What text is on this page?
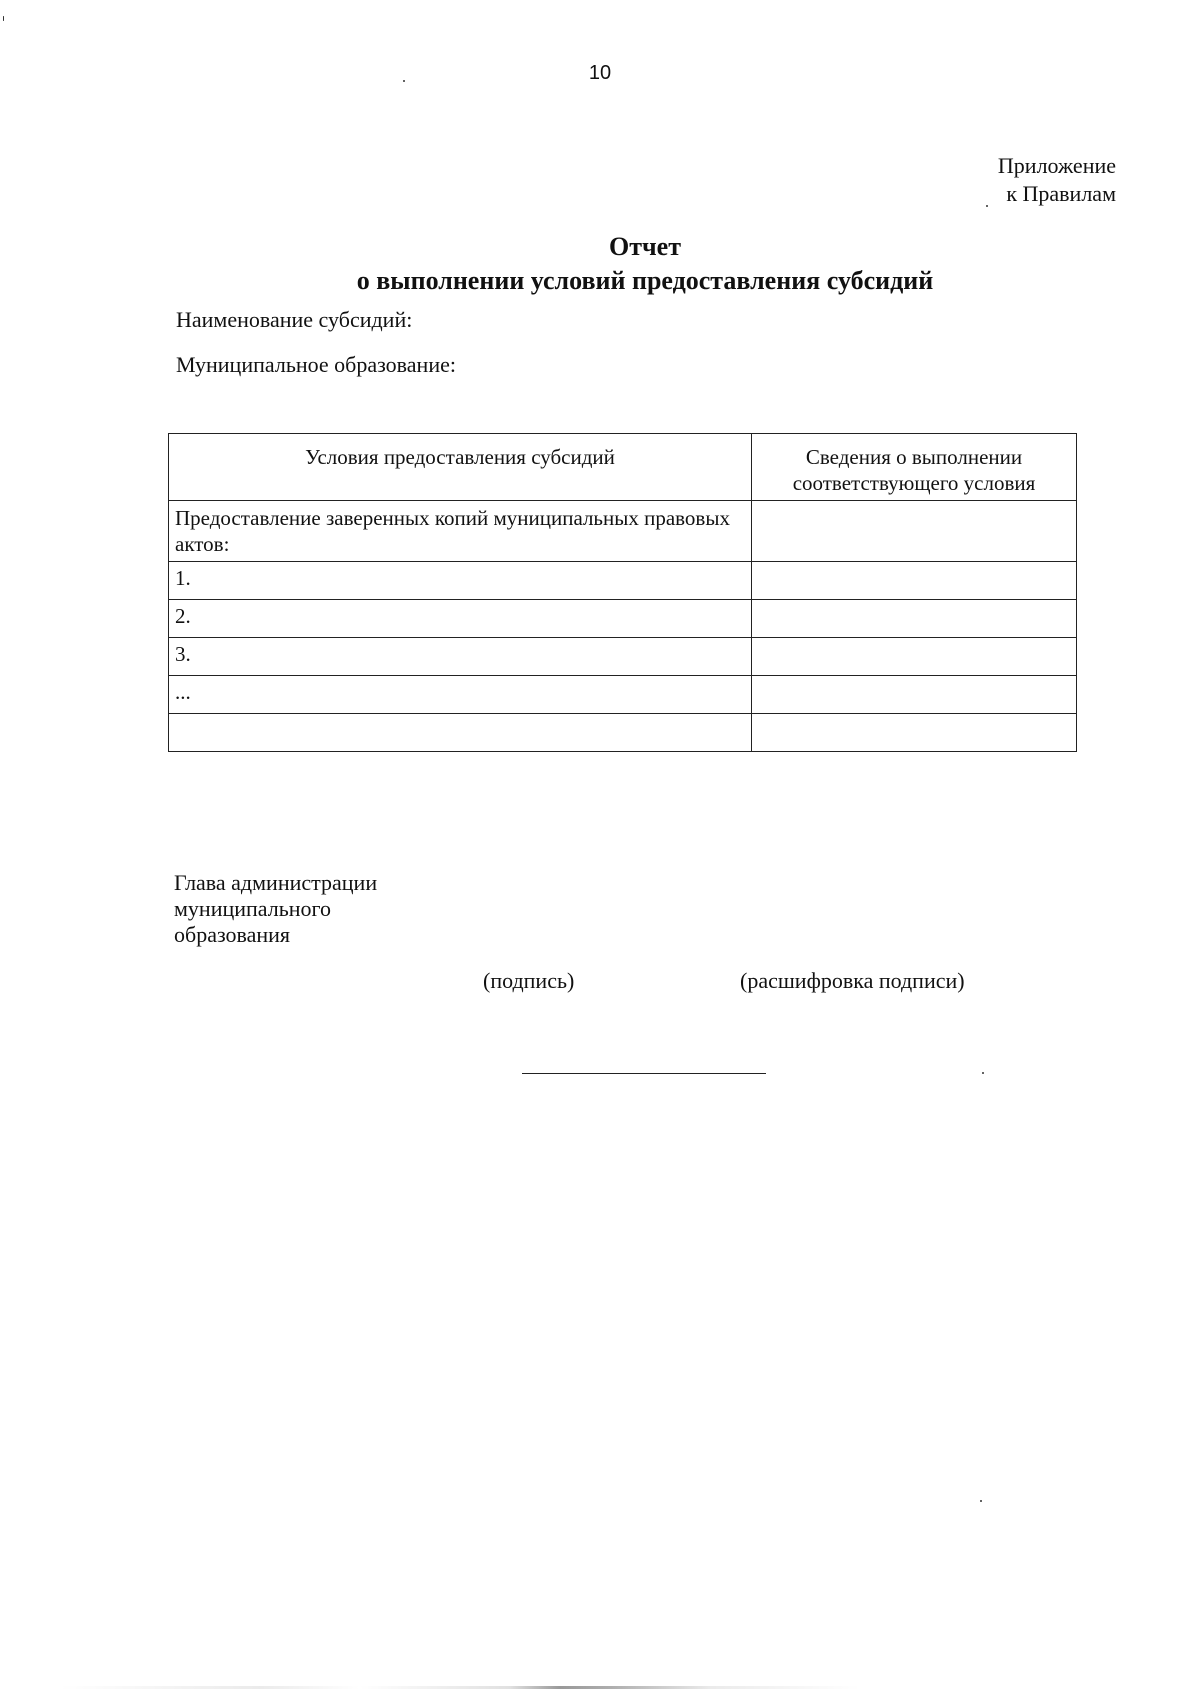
10
Приложение
к Правилам
Отчет
о выполнении условий предоставления субсидий
Наименование субсидий:
Муниципальное образование:
Условия предоставления субсидий	Сведения о выполнении соответствующего условия
Предоставление заверенных копий муниципальных правовых актов:	
1.	
2.	
3.	
...	

Глава администрации
муниципального
образования
(подпись)	(расшифровка подписи)
